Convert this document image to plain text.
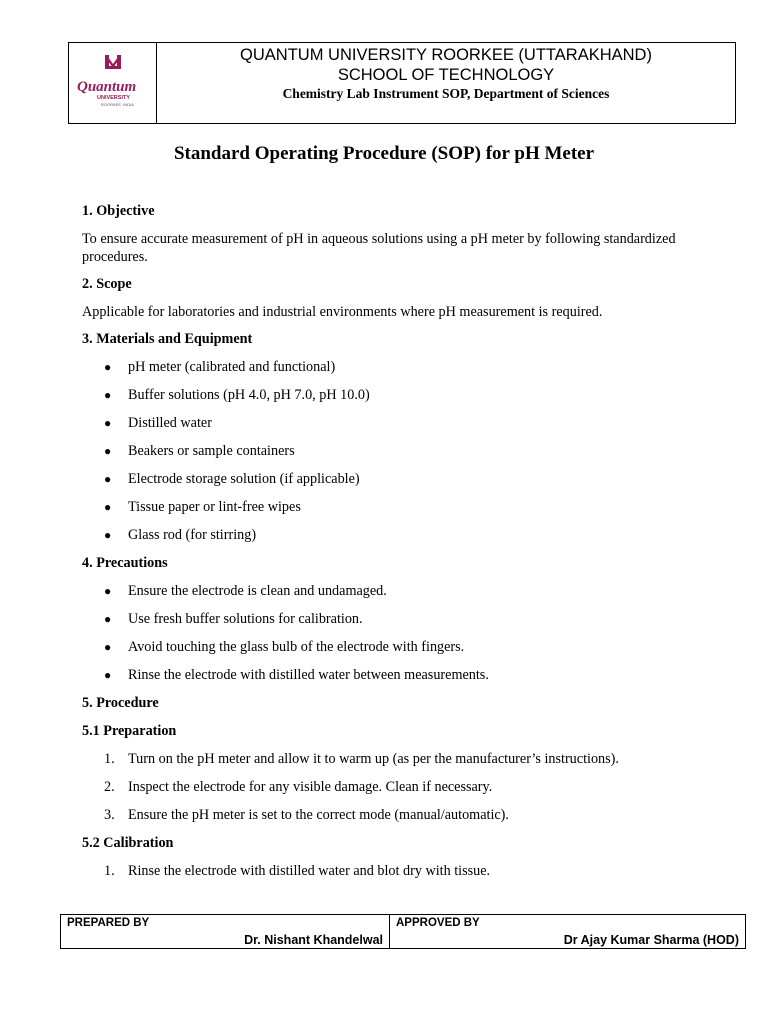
Quantum
UNIVERSITY
ROORKEE, INDIA
QUANTUM UNIVERSITY ROORKEE (UTTARAKHAND)
SCHOOL OF TECHNOLOGY
Chemistry Lab Instrument SOP, Department of Sciences
Standard Operating Procedure (SOP) for pH Meter
1. Objective
To ensure accurate measurement of pH in aqueous solutions using a pH meter by following standardized procedures.
2. Scope
Applicable for laboratories and industrial environments where pH measurement is required.
3. Materials and Equipment
● pH meter (calibrated and functional)
● Buffer solutions (pH 4.0, pH 7.0, pH 10.0)
● Distilled water
● Beakers or sample containers
● Electrode storage solution (if applicable)
● Tissue paper or lint-free wipes
● Glass rod (for stirring)
4. Precautions
● Ensure the electrode is clean and undamaged.
● Use fresh buffer solutions for calibration.
● Avoid touching the glass bulb of the electrode with fingers.
● Rinse the electrode with distilled water between measurements.
5. Procedure
5.1 Preparation
1. Turn on the pH meter and allow it to warm up (as per the manufacturer’s instructions).
2. Inspect the electrode for any visible damage. Clean if necessary.
3. Ensure the pH meter is set to the correct mode (manual/automatic).
5.2 Calibration
1. Rinse the electrode with distilled water and blot dry with tissue.
PREPARED BY
Dr. Nishant Khandelwal
APPROVED BY
Dr Ajay Kumar Sharma (HOD)
